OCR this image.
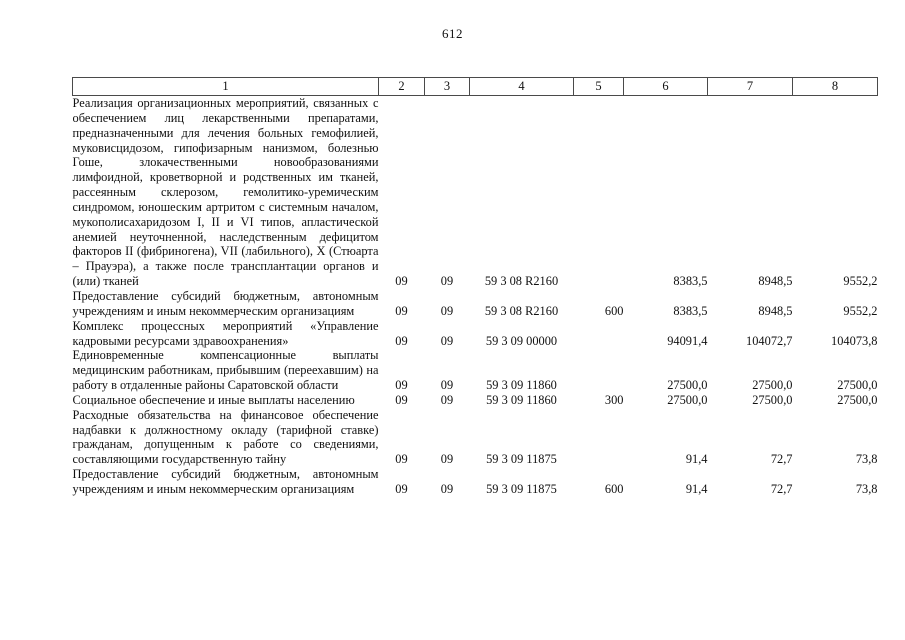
612
1	2	3	4	5	6	7	8
Реализация организационных мероприятий, связанных с обеспечением лиц лекарственными препаратами, предназначенными для лечения больных гемофилией, муковисцидозом, гипофизарным нанизмом, болезнью Гоше, злокачественными новообразованиями лимфоидной, кроветворной и родственных им тканей, рассеянным склерозом, гемолитико-уремическим синдромом, юношеским артритом с системным началом, мукополисахаридозом I, II и VI типов, апластической анемией неуточненной, наследственным дефицитом факторов II (фибриногена), VII (лабильного), X (Стюарта – Прауэра), а также после трансплантации органов и (или) тканей	09	09	59 3 08 R2160		8383,5	8948,5	9552,2
Предоставление субсидий бюджетным, автономным учреждениям и иным некоммерческим организациям	09	09	59 3 08 R2160	600	8383,5	8948,5	9552,2
Комплекс процессных мероприятий «Управление кадровыми ресурсами здравоохранения»	09	09	59 3 09 00000		94091,4	104072,7	104073,8
Единовременные компенсационные выплаты медицинским работникам, прибывшим (переехавшим) на работу в отдаленные районы Саратовской области	09	09	59 3 09 11860		27500,0	27500,0	27500,0
Социальное обеспечение и иные выплаты населению	09	09	59 3 09 11860	300	27500,0	27500,0	27500,0
Расходные обязательства на финансовое обеспечение надбавки к должностному окладу (тарифной ставке) гражданам, допущенным к работе со сведениями, составляющими государственную тайну	09	09	59 3 09 11875		91,4	72,7	73,8
Предоставление субсидий бюджетным, автономным учреждениям и иным некоммерческим организациям	09	09	59 3 09 11875	600	91,4	72,7	73,8
